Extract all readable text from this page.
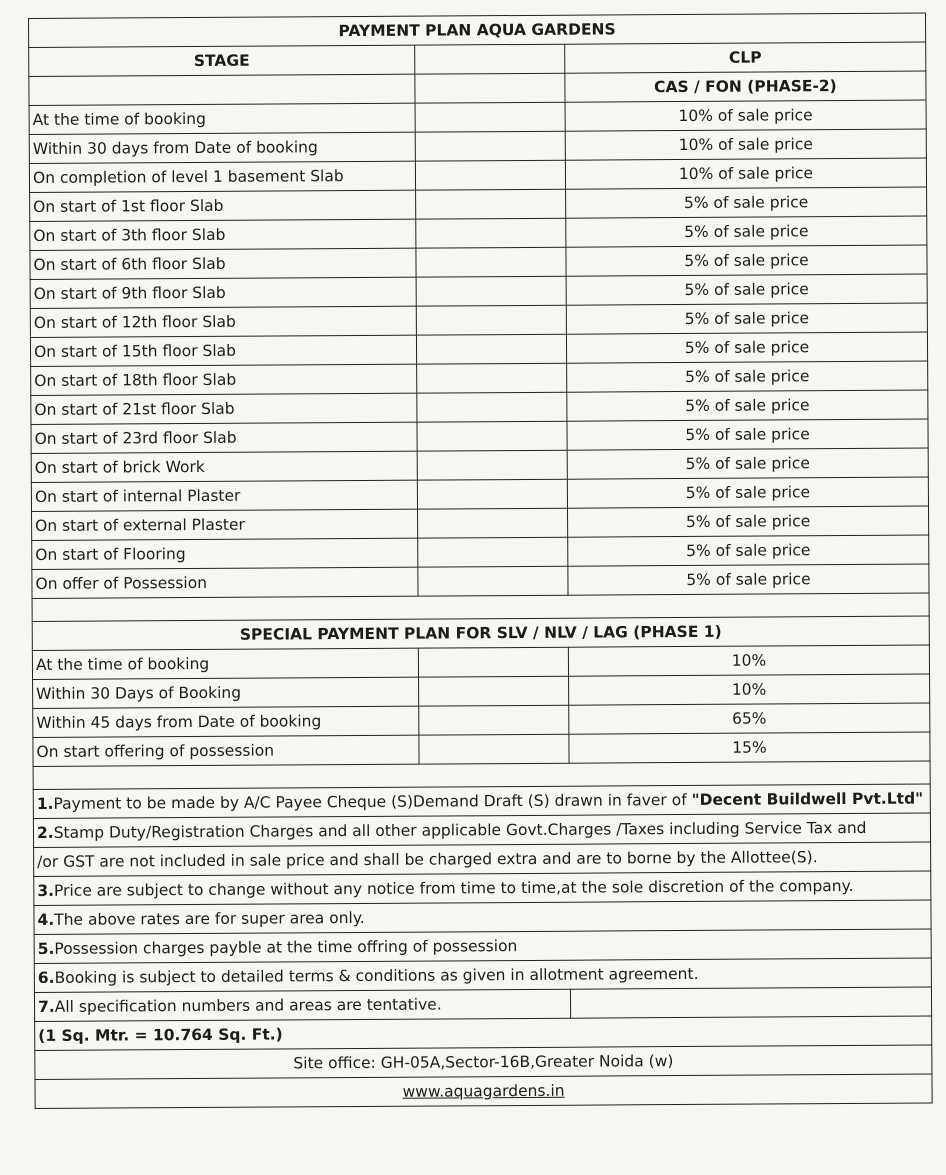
PAYMENT PLAN AQUA GARDENS		
STAGE		CLP
		CAS / FON (PHASE-2)
At the time of booking		10% of sale price
Within 30 days from Date of booking		10% of sale price
On completion of level 1 basement Slab		10% of sale price
On start of 1st floor Slab		5% of sale price
On start of 3th floor Slab		5% of sale price
On start of 6th floor Slab		5% of sale price
On start of 9th floor Slab		5% of sale price
On start of 12th floor Slab		5% of sale price
On start of 15th floor Slab		5% of sale price
On start of 18th floor Slab		5% of sale price
On start of 21st floor Slab		5% of sale price
On start of 23rd floor Slab		5% of sale price
On start of brick Work		5% of sale price
On start of internal Plaster		5% of sale price
On start of external Plaster		5% of sale price
On start of Flooring		5% of sale price
On offer of Possession		5% of sale price

SPECIAL PAYMENT PLAN FOR SLV / NLV / LAG (PHASE 1)		
At the time of booking		10%
Within 30 Days of Booking		10%
Within 45 days from Date of booking		65%
On start offering of possession		15%

1.Payment to be made by A/C Payee Cheque (S)Demand Draft (S) drawn in faver of "Decent Buildwell Pvt.Ltd"		
2.Stamp Duty/Registration Charges and all other applicable Govt.Charges /Taxes including Service Tax and		
/or GST are not included in sale price and shall be charged extra and are to borne by the Allottee(S).		
3.Price are subject to change without any notice from time to time,at the sole discretion of the company.		
4.The above rates are for super area only.		
5.Possession charges payble at the time offring of possession		
6.Booking is subject to detailed terms & conditions as given in allotment agreement.		
7.All specification numbers and areas are tentative.		
(1 Sq. Mtr. = 10.764 Sq. Ft.)		
Site office: GH-05A,Sector-16B,Greater Noida (w)		
www.aquagardens.in		
